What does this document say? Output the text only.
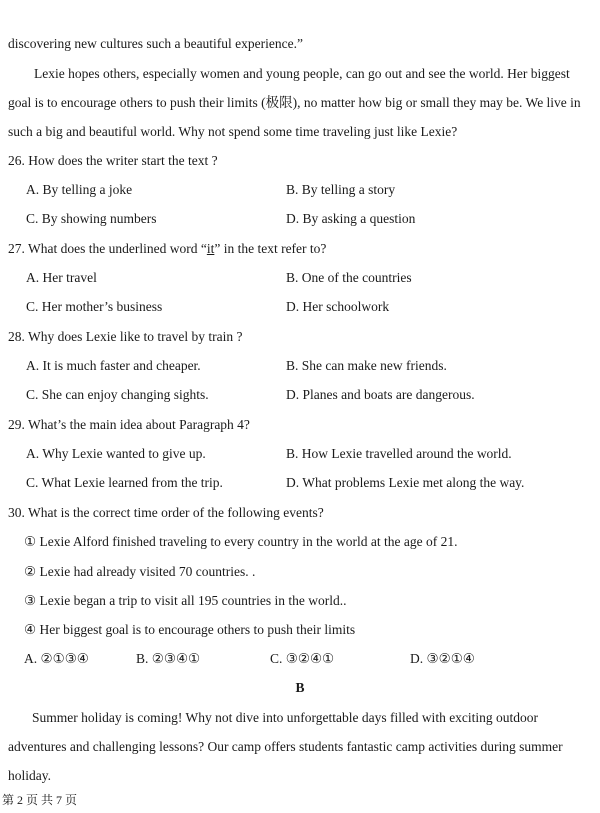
discovering new cultures such a beautiful experience.”
Lexie hopes others, especially women and young people, can go out and see the world. Her biggest
goal is to encourage others to push their limits (极限), no matter how big or small they may be. We live in
such a big and beautiful world. Why not spend some time traveling just like Lexie?
26. How does the writer start the text ?
A. By telling a joke	B. By telling a story
C. By showing numbers	D. By asking a question
27. What does the underlined word “it” in the text refer to?
A. Her travel	B. One of the countries
C. Her mother’s business	D. Her schoolwork
28. Why does Lexie like to travel by train ?
A. It is much faster and cheaper.	B. She can make new friends.
C. She can enjoy changing sights.	D. Planes and boats are dangerous.
29. What’s the main idea about Paragraph 4?
A. Why Lexie wanted to give up.	B. How Lexie travelled around the world.
C. What Lexie learned from the trip.	D. What problems Lexie met along the way.
30. What is the correct time order of the following events?
① Lexie Alford finished traveling to every country in the world at the age of 21.
② Lexie had already visited 70 countries. .
③ Lexie began a trip to visit all 195 countries in the world..
④ Her biggest goal is to encourage others to push their limits
A. ②①③④	B. ②③④①	C. ③②④①	D. ③②①④
B
Summer holiday is coming! Why not dive into unforgettable days filled with exciting outdoor
adventures and challenging lessons? Our camp offers students fantastic camp activities during summer
holiday.
第 2 页 共 7 页
